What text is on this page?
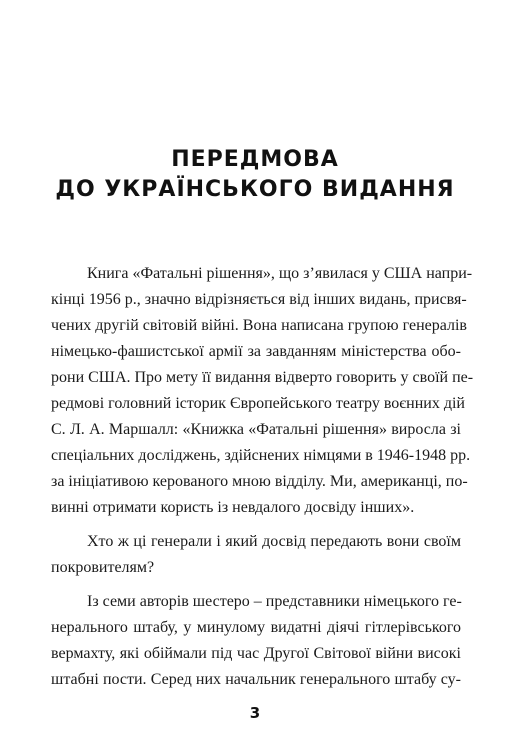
ПЕРЕДМОВА
ДО УКРАЇНСЬКОГО ВИДАННЯ
Книга «Фатальні рішення», що з’явилася у США напри-
кінці 1956 р., значно відрізняється від інших видань, присвя-
чених другій світовій війні. Вона написана групою генералів
німецько-фашистської армії за завданням міністерства обо-
рони США. Про мету її видання відверто говорить у своїй пе-
редмові головний історик Європейського театру воєнних дій
С. Л. А. Маршалл: «Книжка «Фатальні рішення» виросла зі
спеціальних досліджень, здійснених німцями в 1946-1948 рр.
за ініціативою керованого мною відділу. Ми, американці, по-
винні отримати користь із невдалого досвіду інших».
Хто ж ці генерали і який досвід передають вони своїм
покровителям?
Із семи авторів шестеро – представники німецького ге-
нерального штабу, у минулому видатні діячі гітлерівського
вермахту, які обіймали під час Другої Світової війни високі
штабні пости. Серед них начальник генерального штабу су-
3
